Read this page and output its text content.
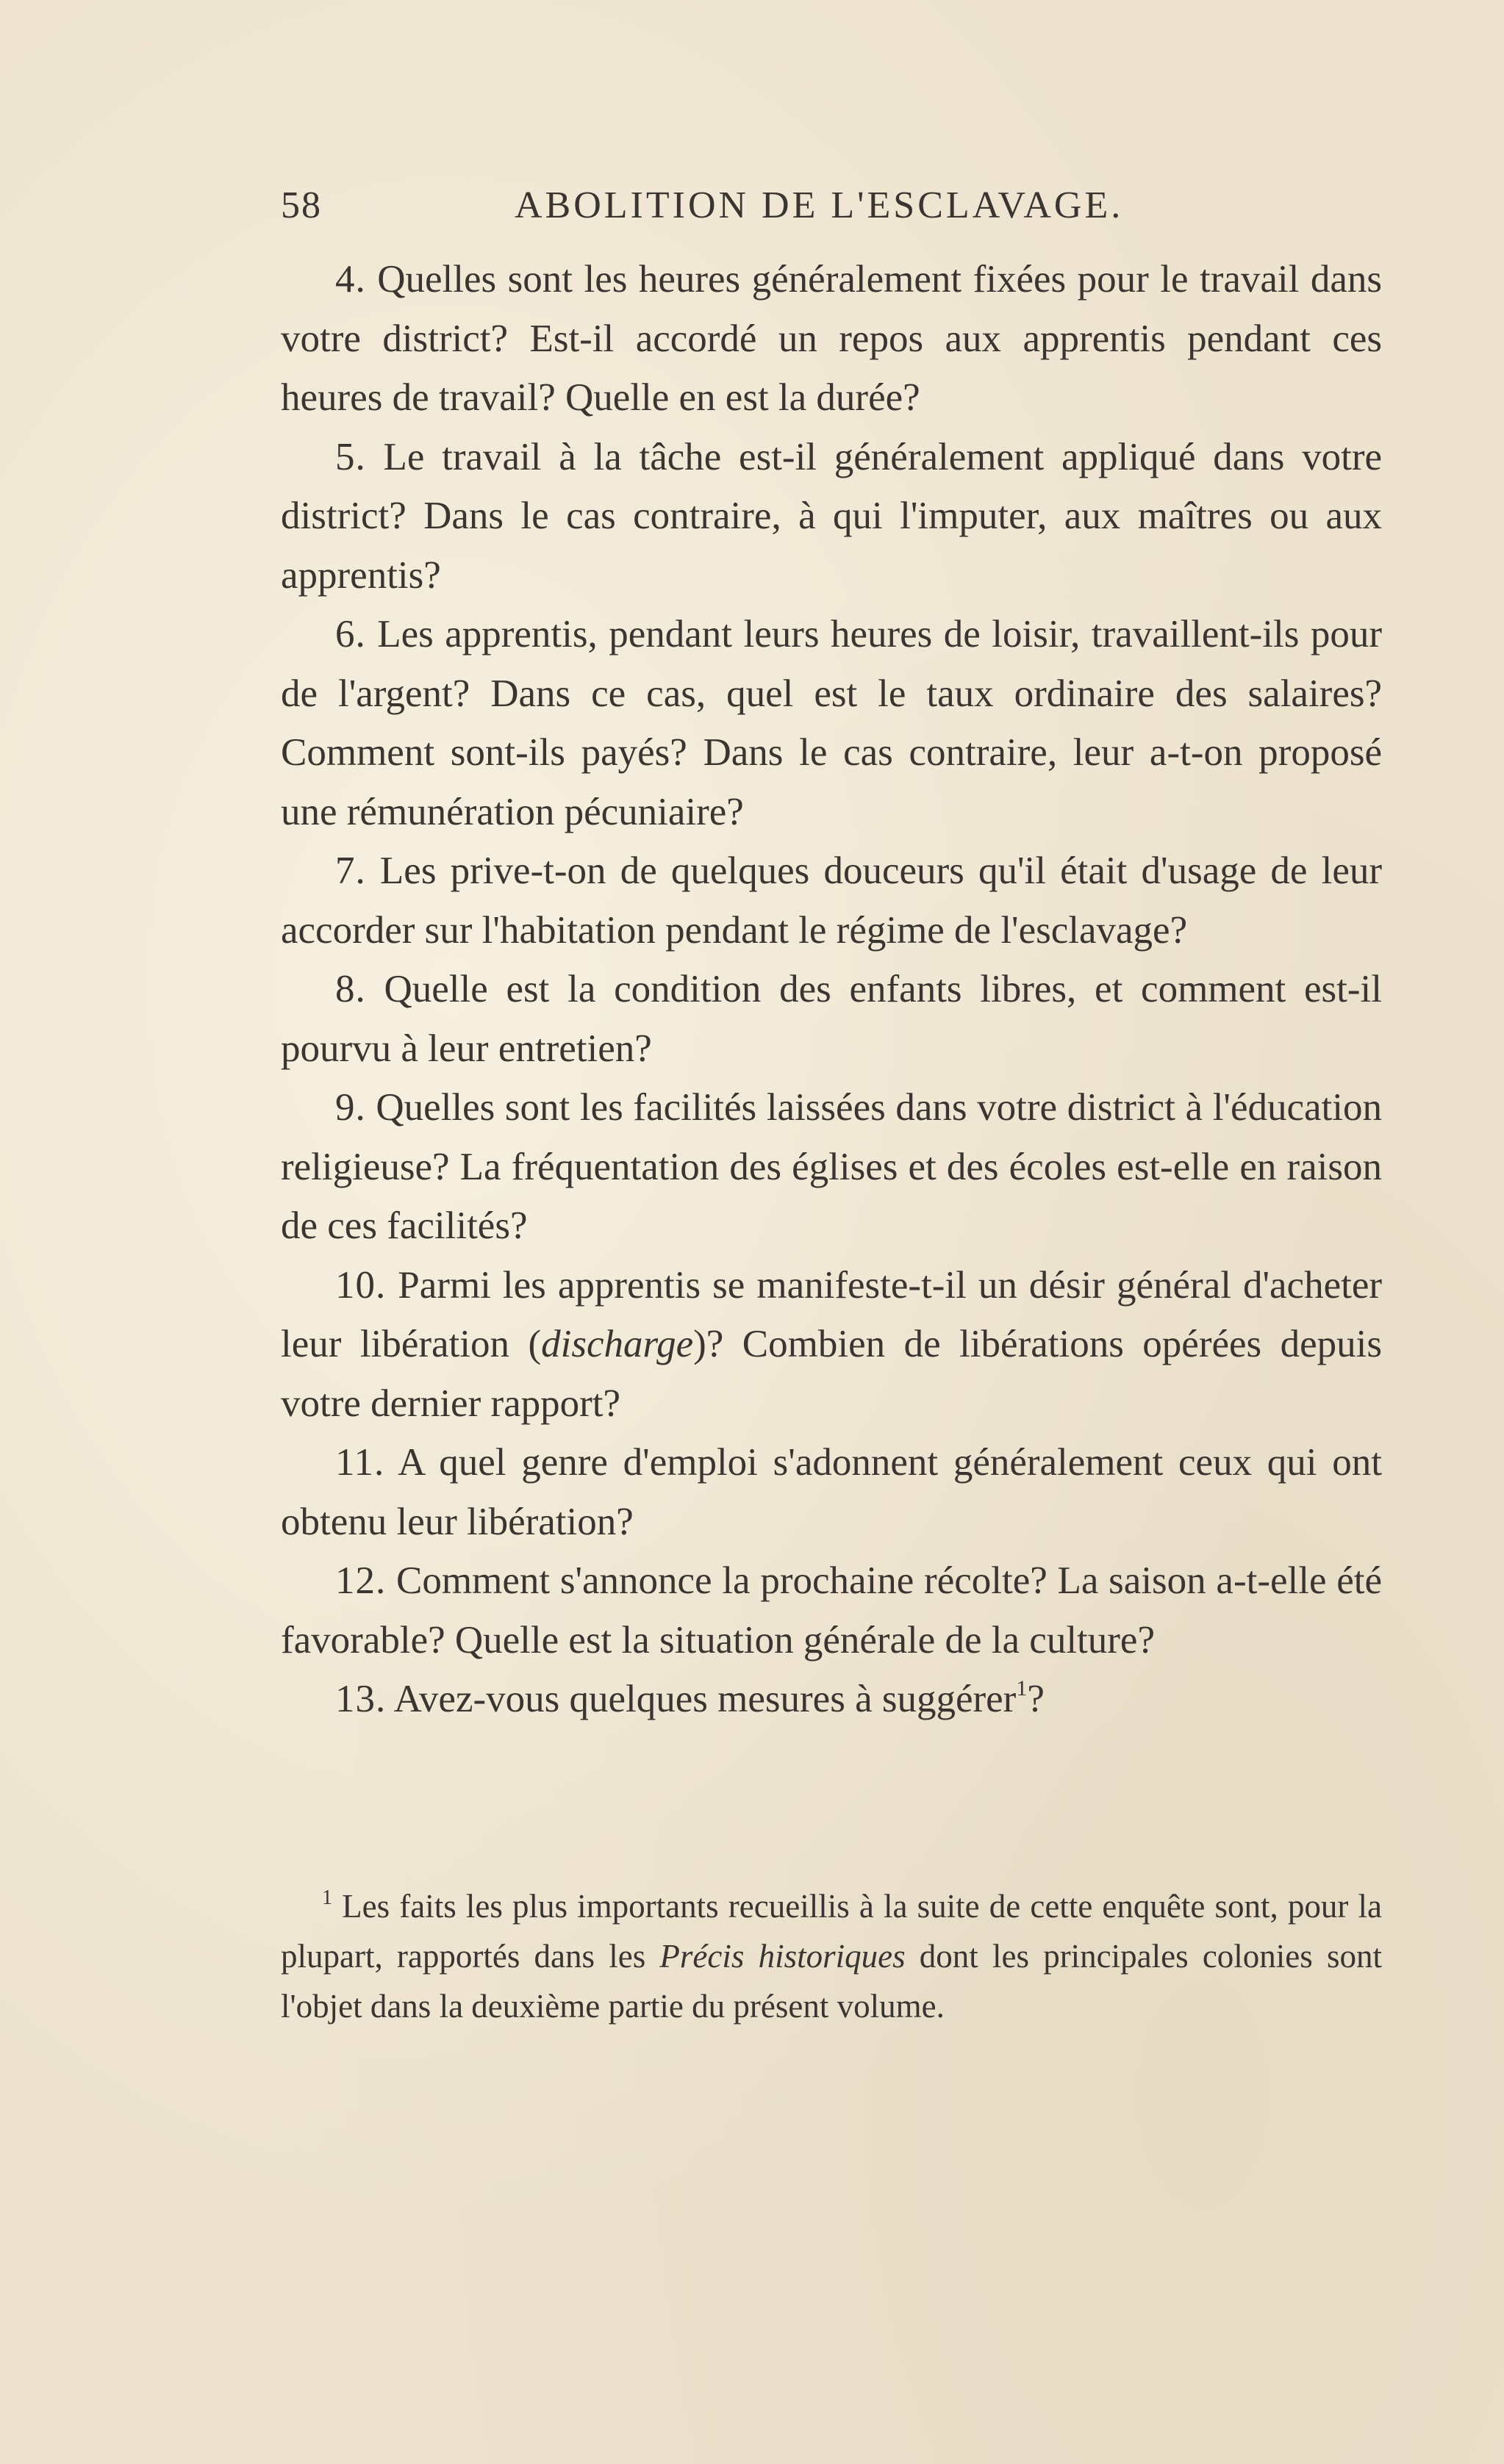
58	ABOLITION DE L'ESCLAVAGE.

4. Quelles sont les heures généralement fixées pour le travail dans votre district? Est-il accordé un repos aux apprentis pendant ces heures de travail? Quelle en est la durée?

5. Le travail à la tâche est-il généralement appliqué dans votre district? Dans le cas contraire, à qui l'imputer, aux maîtres ou aux apprentis?

6. Les apprentis, pendant leurs heures de loisir, travaillent-ils pour de l'argent? Dans ce cas, quel est le taux ordinaire des salaires? Comment sont-ils payés? Dans le cas contraire, leur a-t-on proposé une rémunération pécuniaire?

7. Les prive-t-on de quelques douceurs qu'il était d'usage de leur accorder sur l'habitation pendant le régime de l'esclavage?

8. Quelle est la condition des enfants libres, et comment est-il pourvu à leur entretien?

9. Quelles sont les facilités laissées dans votre district à l'éducation religieuse? La fréquentation des églises et des écoles est-elle en raison de ces facilités?

10. Parmi les apprentis se manifeste-t-il un désir général d'acheter leur libération (discharge)? Combien de libérations opérées depuis votre dernier rapport?

11. A quel genre d'emploi s'adonnent généralement ceux qui ont obtenu leur libération?

12. Comment s'annonce la prochaine récolte? La saison a-t-elle été favorable? Quelle est la situation générale de la culture?

13. Avez-vous quelques mesures à suggérer$^1$?

$^1$ Les faits les plus importants recueillis à la suite de cette enquête sont, pour la plupart, rapportés dans les Précis historiques dont les principales colonies sont l'objet dans la deuxième partie du présent volume.
